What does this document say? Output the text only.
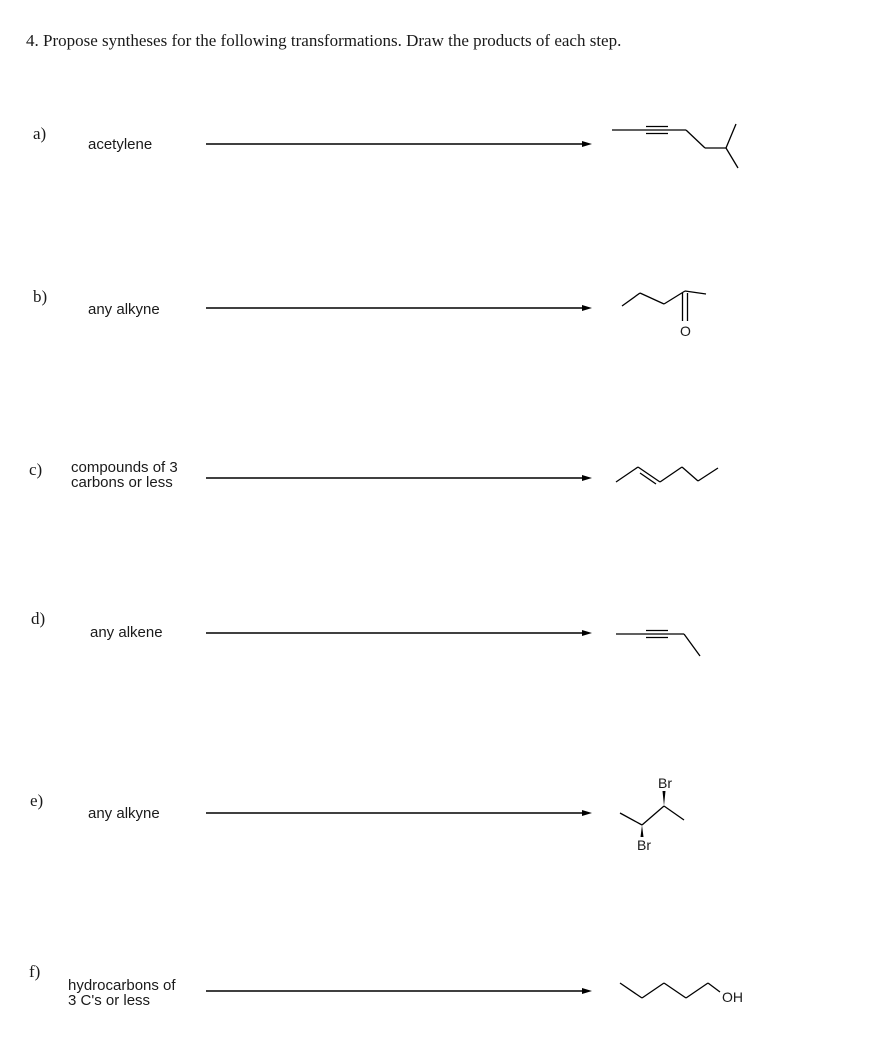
4. Propose syntheses for the following transformations. Draw the products of each step.
a)
acetylene
b)
any alkyne
O
c) compounds of 3
carbons or less
d)
any alkene
e)
any alkyne
Br
Br
f)
hydrocarbons of
3 C's or less	OH
